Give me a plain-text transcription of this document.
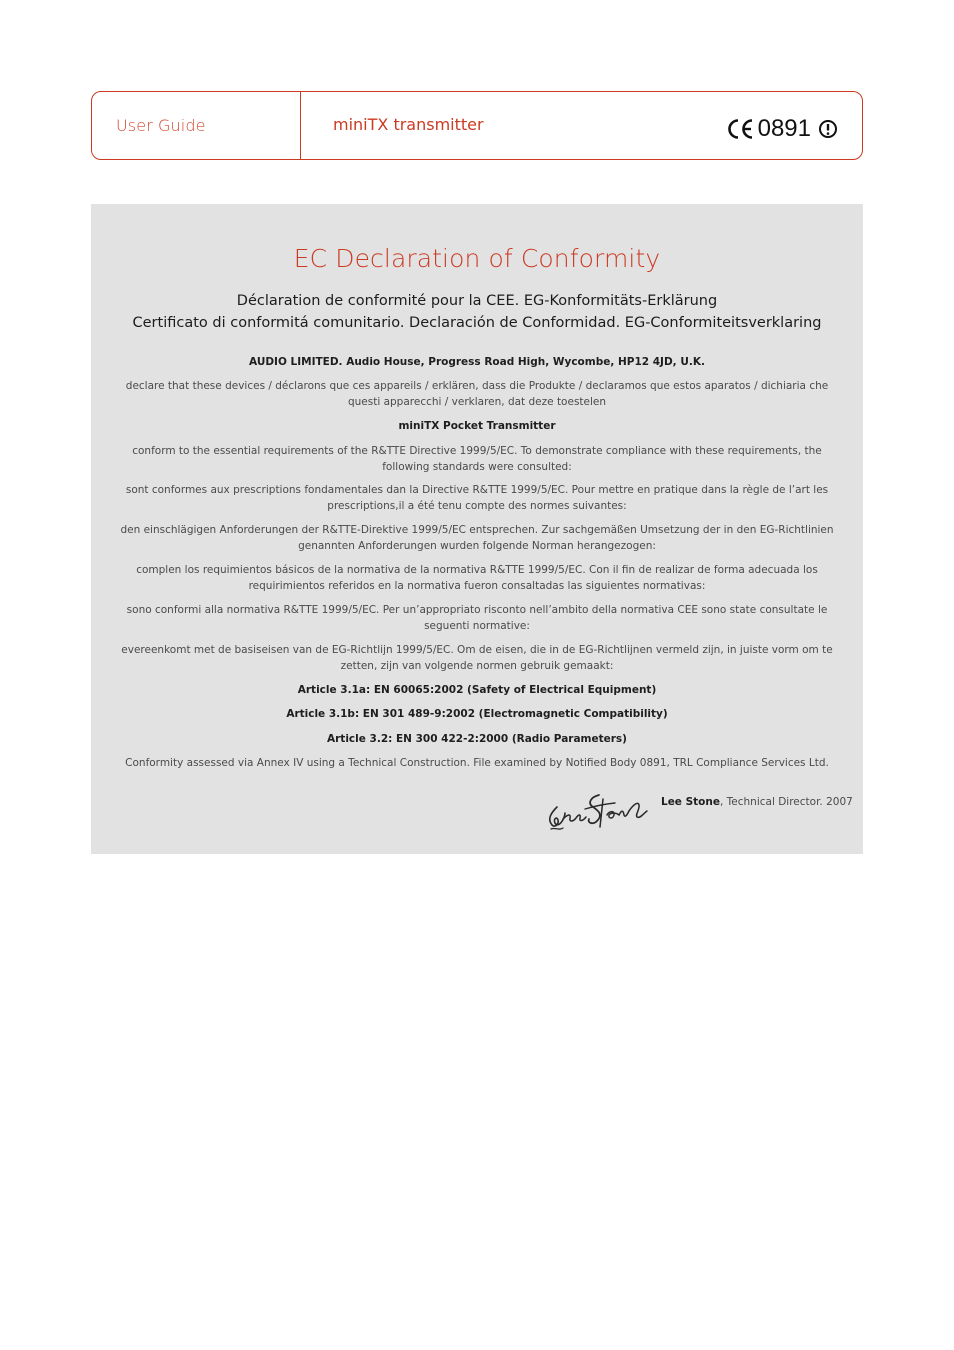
User Guide	miniTX transmitter	0891
EC Declaration of Conformity
Déclaration de conformité pour la CEE. EG-Konformitäts-Erklärung
Certificato di conformitá comunitario. Declaración de Conformidad. EG-Conformiteitsverklaring
AUDIO LIMITED. Audio House, Progress Road High, Wycombe, HP12 4JD, U.K.
declare that these devices / déclarons que ces appareils / erklären, dass die Produkte / declaramos que estos aparatos / dichiaria che questi apparecchi / verklaren, dat deze toestelen
miniTX Pocket Transmitter
conform to the essential requirements of the R&TTE Directive 1999/5/EC. To demonstrate compliance with these requirements, the following standards were consulted:
sont conformes aux prescriptions fondamentales dan la Directive R&TTE 1999/5/EC. Pour mettre en pratique dans la règle de l’art les prescriptions,il a été tenu compte des normes suivantes:
den einschlägigen Anforderungen der R&TTE-Direktive 1999/5/EC entsprechen. Zur sachgemäßen Umsetzung der in den EG-Richtlinien genannten Anforderungen wurden folgende Norman herangezogen:
complen los requimientos básicos de la normativa de la normativa R&TTE 1999/5/EC. Con il fin de realizar de forma adecuada los requirimientos referidos en la normativa fueron consaltadas las siguientes normativas:
sono conformi alla normativa R&TTE 1999/5/EC. Per un’appropriato risconto nell’ambito della normativa CEE sono state consultate le seguenti normative:
evereenkomt met de basiseisen van de EG-Richtlijn 1999/5/EC. Om de eisen, die in de EG-Richtlijnen vermeld zijn, in juiste vorm om te zetten, zijn van volgende normen gebruik gemaakt:
Article 3.1a: EN 60065:2002 (Safety of Electrical Equipment)
Article 3.1b: EN 301 489-9:2002 (Electromagnetic Compatibility)
Article 3.2: EN 300 422-2:2000 (Radio Parameters)
Conformity assessed via Annex IV using a Technical Construction. File examined by Notified Body 0891, TRL Compliance Services Ltd.
Lee Stone, Technical Director. 2007
